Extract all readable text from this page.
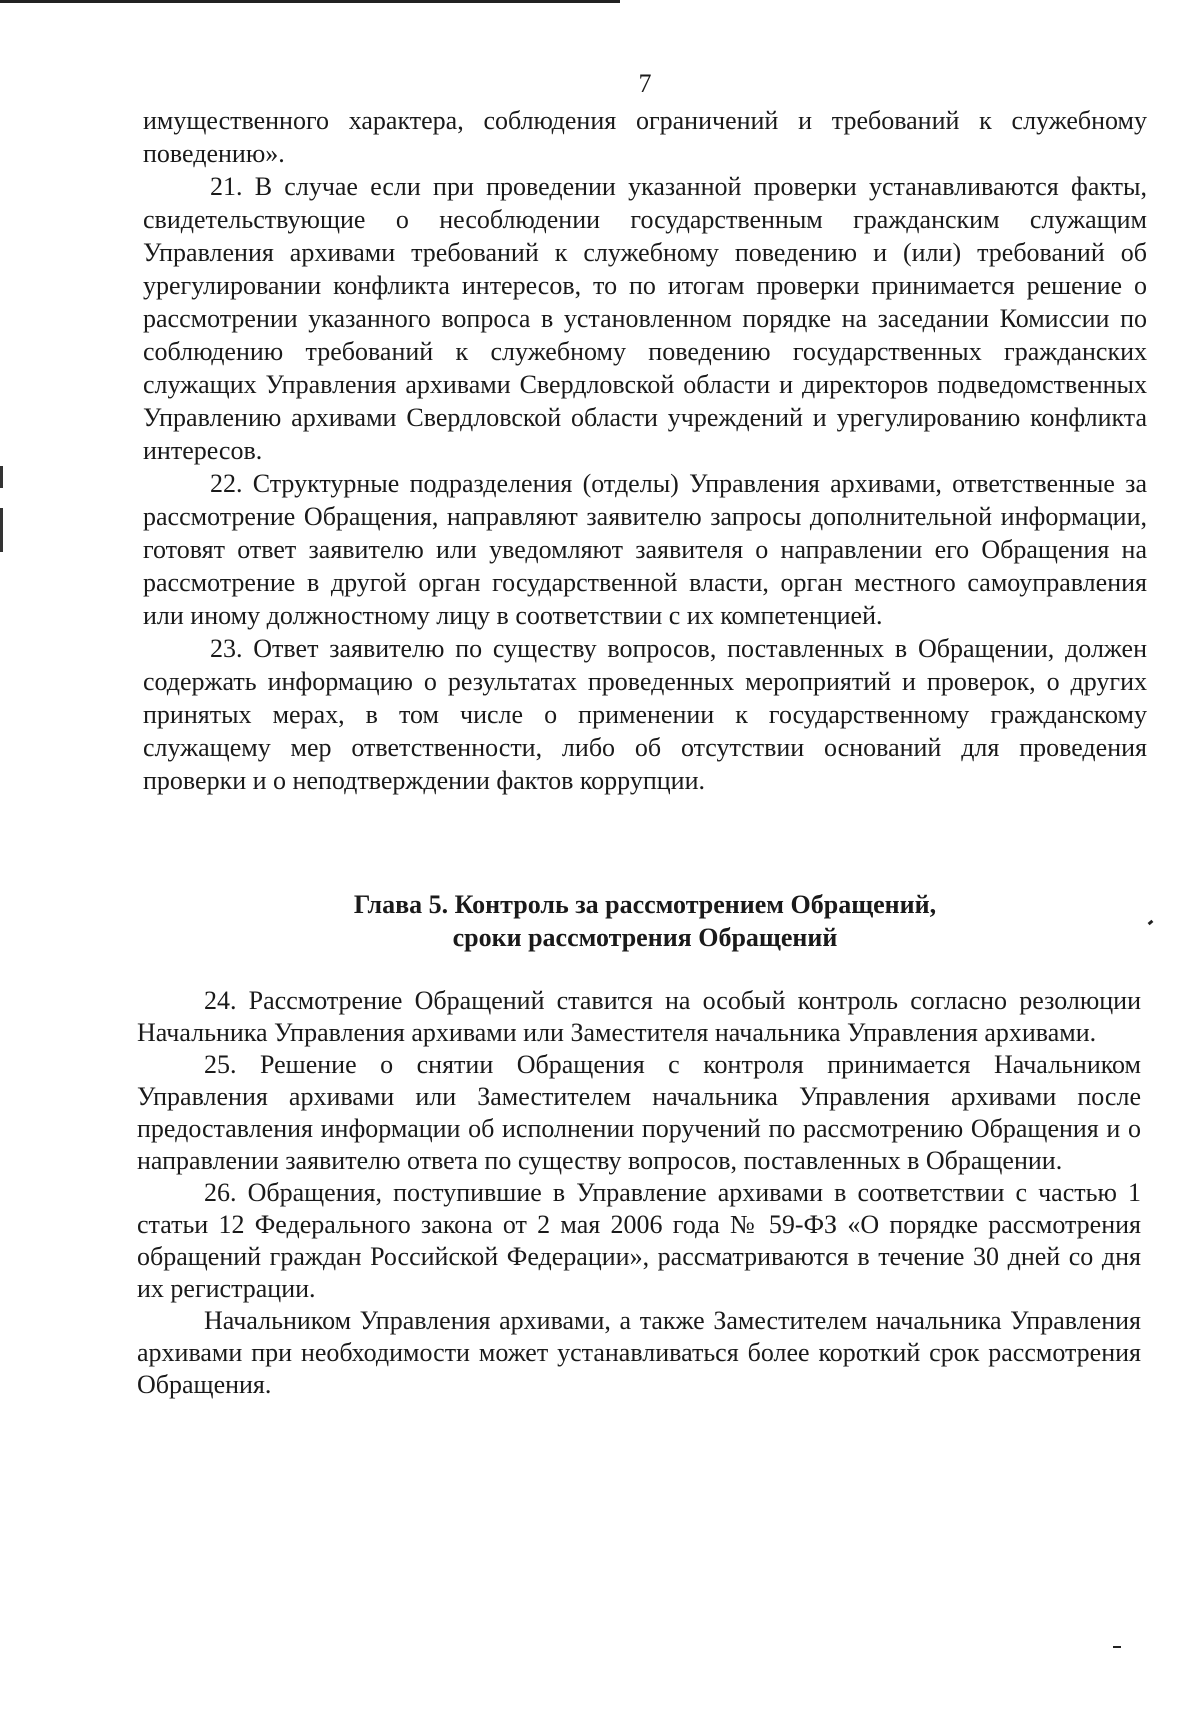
7

имущественного характера, соблюдения ограничений и требований к служебному поведению».

21. В случае если при проведении указанной проверки устанавливаются факты, свидетельствующие о несоблюдении государственным гражданским служащим Управления архивами требований к служебному поведению и (или) требований об урегулировании конфликта интересов, то по итогам проверки принимается решение о рассмотрении указанного вопроса в установленном порядке на заседании Комиссии по соблюдению требований к служебному поведению государственных гражданских служащих Управления архивами Свердловской области и директоров подведомственных Управлению архивами Свердловской области учреждений и урегулированию конфликта интересов.

22. Структурные подразделения (отделы) Управления архивами, ответственные за рассмотрение Обращения, направляют заявителю запросы дополнительной информации, готовят ответ заявителю или уведомляют заявителя о направлении его Обращения на рассмотрение в другой орган государственной власти, орган местного самоуправления или иному должностному лицу в соответствии с их компетенцией.

23. Ответ заявителю по существу вопросов, поставленных в Обращении, должен содержать информацию о результатах проведенных мероприятий и проверок, о других принятых мерах, в том числе о применении к государственному гражданскому служащему мер ответственности, либо об отсутствии оснований для проведения проверки и о неподтверждении фактов коррупции.

Глава 5. Контроль за рассмотрением Обращений,
сроки рассмотрения Обращений

24. Рассмотрение Обращений ставится на особый контроль согласно резолюции Начальника Управления архивами или Заместителя начальника Управления архивами.

25. Решение о снятии Обращения с контроля принимается Начальником Управления архивами или Заместителем начальника Управления архивами после предоставления информации об исполнении поручений по рассмотрению Обращения и о направлении заявителю ответа по существу вопросов, поставленных в Обращении.

26. Обращения, поступившие в Управление архивами в соответствии с частью 1 статьи 12 Федерального закона от 2 мая 2006 года № 59-ФЗ «О порядке рассмотрения обращений граждан Российской Федерации», рассматриваются в течение 30 дней со дня их регистрации.

Начальником Управления архивами, а также Заместителем начальника Управления архивами при необходимости может устанавливаться более короткий срок рассмотрения Обращения.
